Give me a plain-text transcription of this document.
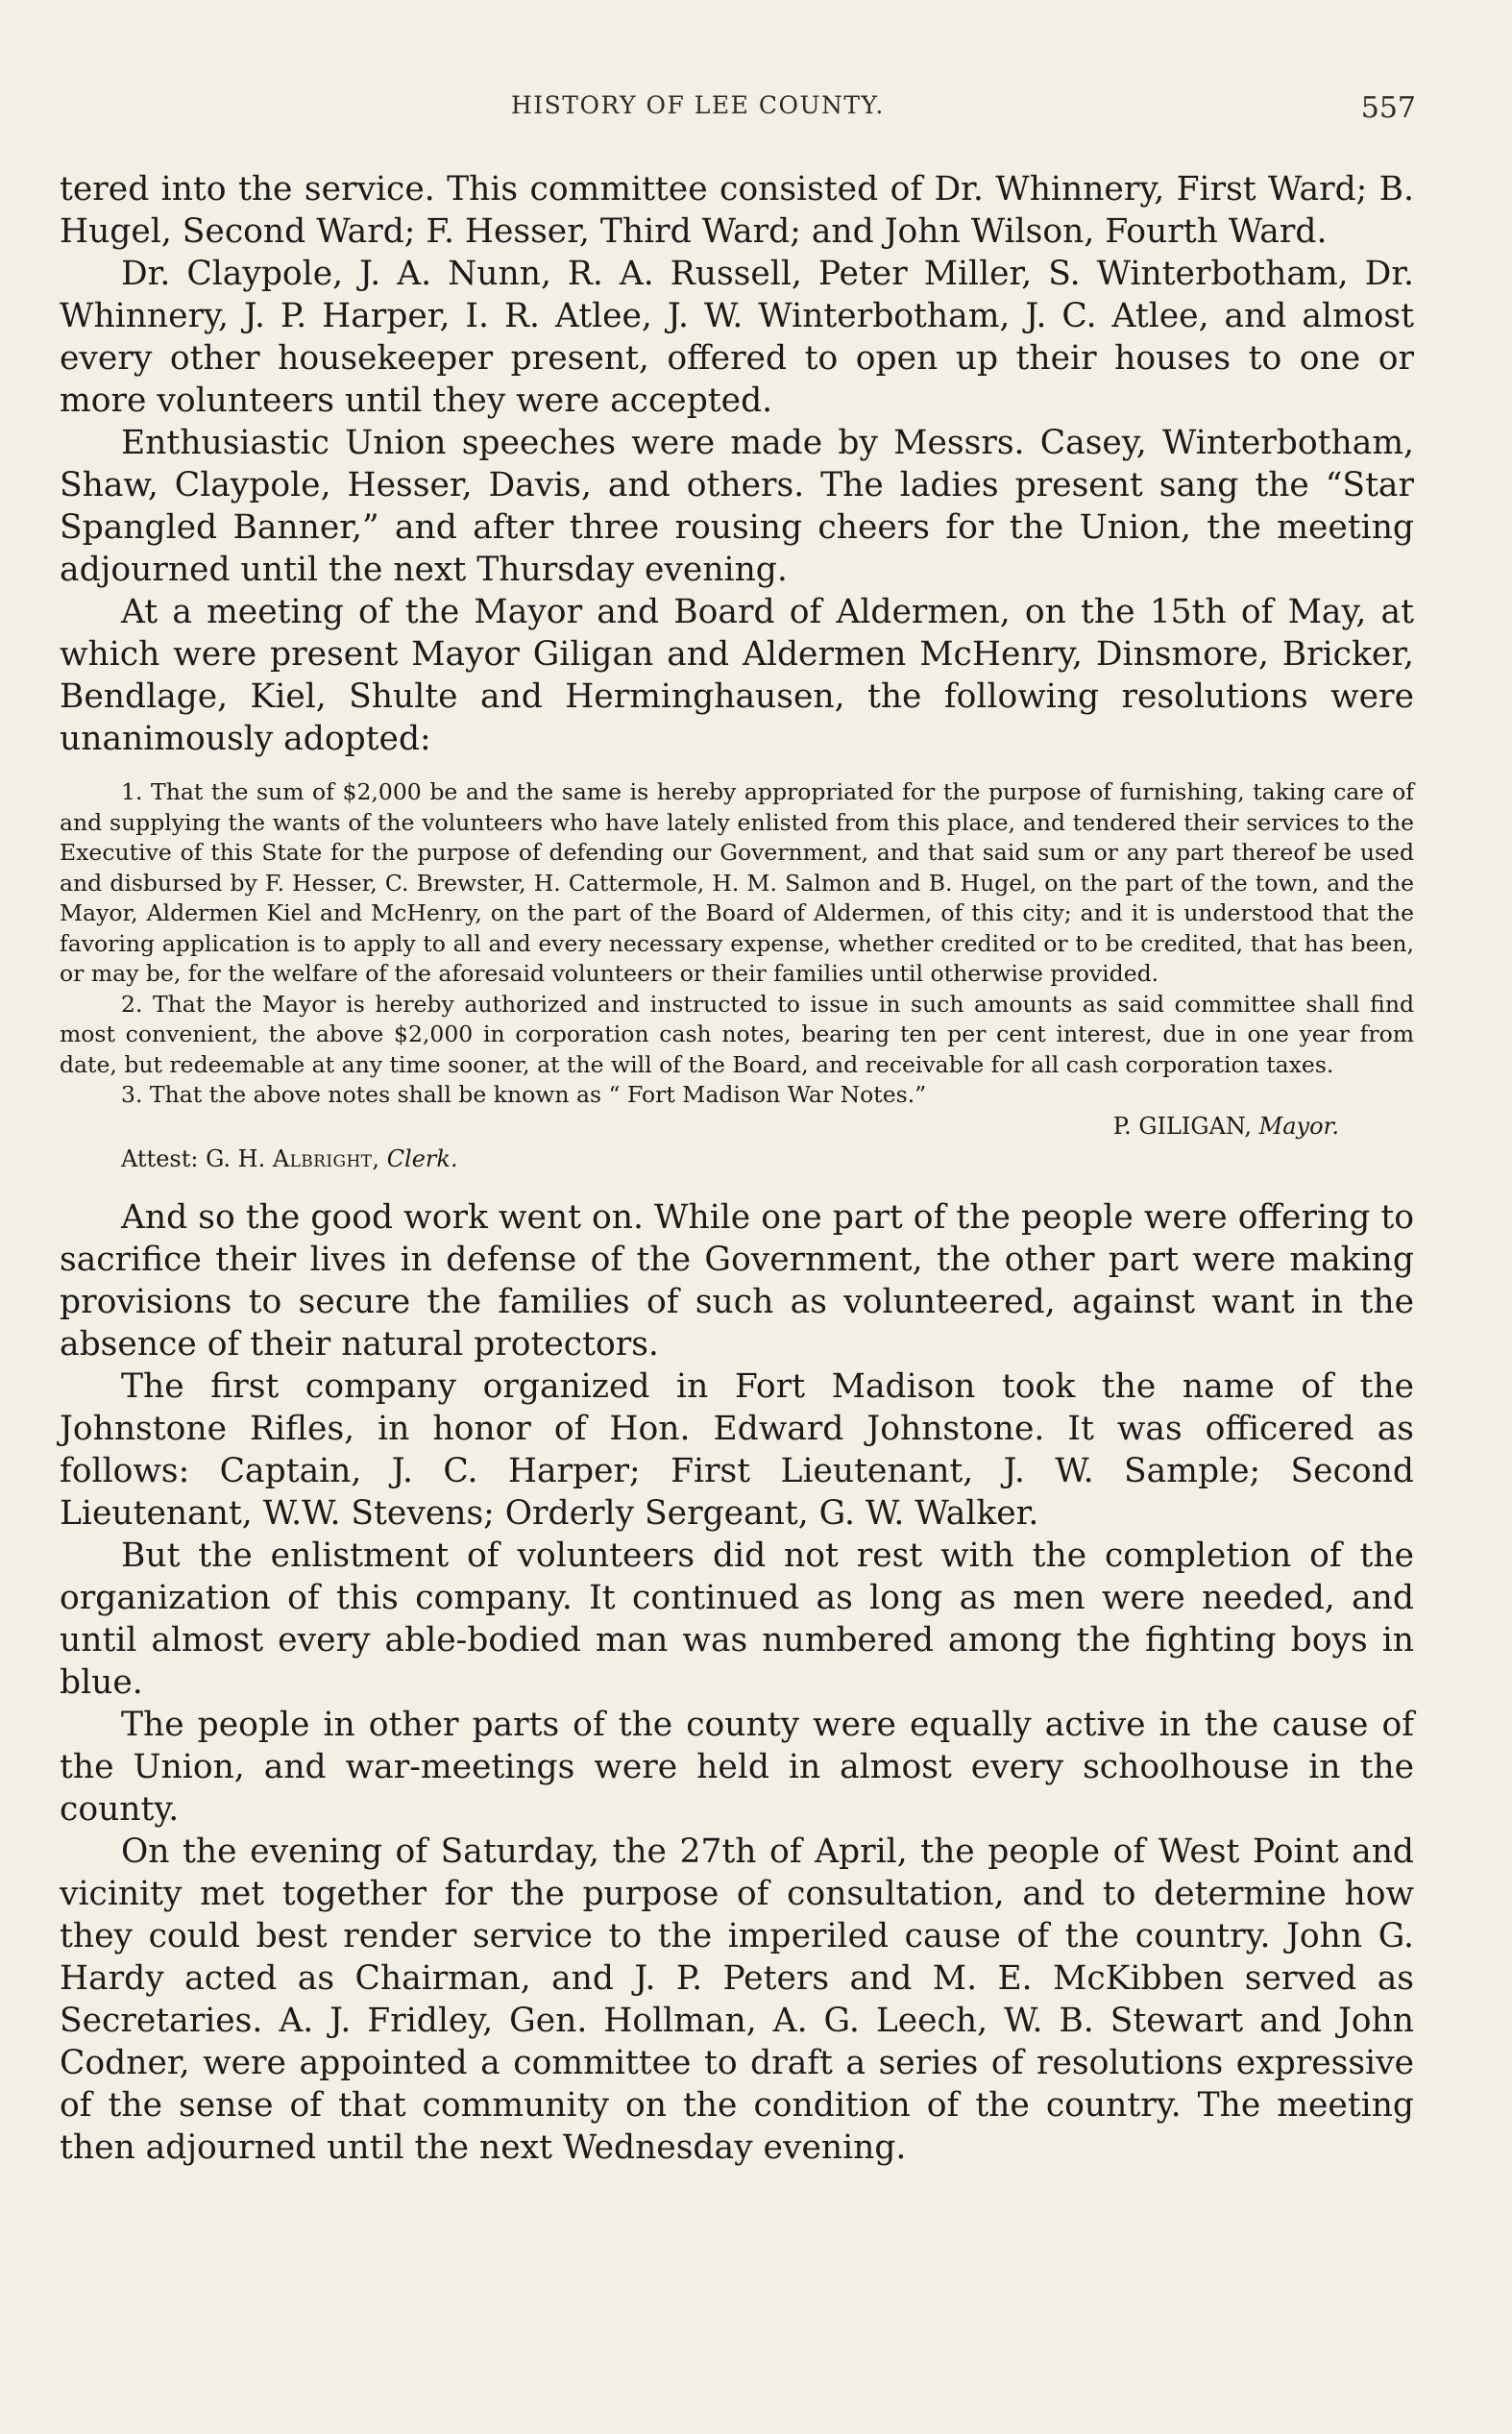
HISTORY OF LEE COUNTY.	557

tered into the service. This committee consisted of Dr. Whinnery, First Ward; B. Hugel, Second Ward; F. Hesser, Third Ward; and John Wilson, Fourth Ward.

Dr. Claypole, J. A. Nunn, R. A. Russell, Peter Miller, S. Winterbotham, Dr. Whinnery, J. P. Harper, I. R. Atlee, J. W. Winterbotham, J. C. Atlee, and almost every other housekeeper present, offered to open up their houses to one or more volunteers until they were accepted.

Enthusiastic Union speeches were made by Messrs. Casey, Winterbotham, Shaw, Claypole, Hesser, Davis, and others. The ladies present sang the “Star Spangled Banner,” and after three rousing cheers for the Union, the meeting adjourned until the next Thursday evening.

At a meeting of the Mayor and Board of Aldermen, on the 15th of May, at which were present Mayor Giligan and Aldermen McHenry, Dinsmore, Bricker, Bendlage, Kiel, Shulte and Herminghausen, the following resolutions were unanimously adopted:

1. That the sum of $2,000 be and the same is hereby appropriated for the purpose of furnishing, taking care of and supplying the wants of the volunteers who have lately enlisted from this place, and tendered their services to the Executive of this State for the purpose of defending our Government, and that said sum or any part thereof be used and disbursed by F. Hesser, C. Brewster, H. Cattermole, H. M. Salmon and B. Hugel, on the part of the town, and the Mayor, Aldermen Kiel and McHenry, on the part of the Board of Aldermen, of this city; and it is understood that the favoring application is to apply to all and every necessary expense, whether credited or to be credited, that has been, or may be, for the welfare of the aforesaid volunteers or their families until otherwise provided.

2. That the Mayor is hereby authorized and instructed to issue in such amounts as said committee shall find most convenient, the above $2,000 in corporation cash notes, bearing ten per cent interest, due in one year from date, but redeemable at any time sooner, at the will of the Board, and receivable for all cash corporation taxes.

3. That the above notes shall be known as “ Fort Madison War Notes.”

P. GILIGAN, Mayor.
Attest: G. H. Albright, Clerk.

And so the good work went on. While one part of the people were offering to sacrifice their lives in defense of the Government, the other part were making provisions to secure the families of such as volunteered, against want in the absence of their natural protectors.

The first company organized in Fort Madison took the name of the Johnstone Rifles, in honor of Hon. Edward Johnstone. It was officered as follows: Captain, J. C. Harper; First Lieutenant, J. W. Sample; Second Lieutenant, W.W. Stevens; Orderly Sergeant, G. W. Walker.

But the enlistment of volunteers did not rest with the completion of the organization of this company. It continued as long as men were needed, and until almost every able-bodied man was numbered among the fighting boys in blue.

The people in other parts of the county were equally active in the cause of the Union, and war-meetings were held in almost every schoolhouse in the county.

On the evening of Saturday, the 27th of April, the people of West Point and vicinity met together for the purpose of consultation, and to determine how they could best render service to the imperiled cause of the country. John G. Hardy acted as Chairman, and J. P. Peters and M. E. McKibben served as Secretaries. A. J. Fridley, Gen. Hollman, A. G. Leech, W. B. Stewart and John Codner, were appointed a committee to draft a series of resolutions expressive of the sense of that community on the condition of the country. The meeting then adjourned until the next Wednesday evening.
